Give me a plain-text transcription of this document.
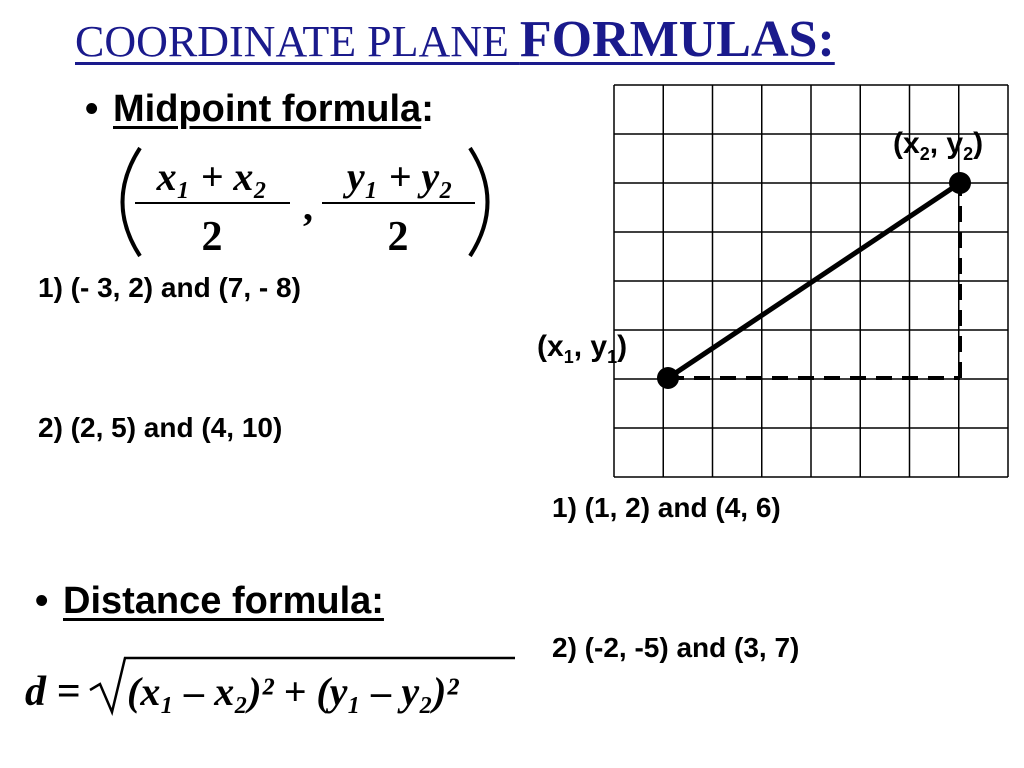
COORDINATE PLANE FORMULAS:
• Midpoint formula:
x₁ + x₂
2
,
y₁ + y₂
2
d = (x₁ – x₂)² + (y₁ – y₂)²
($x_2$, $y_2$)
($x_1$, $y_1$)
1) (- 3, 2) and (7, - 8)
2) (2, 5) and (4, 10)
1) (1, 2) and (4, 6)
2) (-2, -5) and (3, 7)
• Distance formula:
